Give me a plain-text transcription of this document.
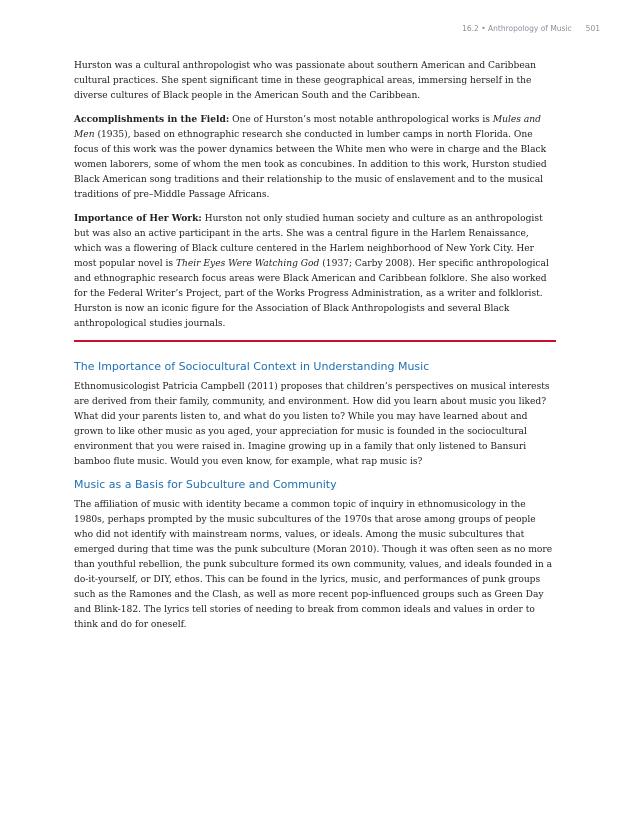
16.2 • Anthropology of Music 501

Hurston was a cultural anthropologist who was passionate about southern American and Caribbean cultural practices. She spent significant time in these geographical areas, immersing herself in the diverse cultures of Black people in the American South and the Caribbean.

Accomplishments in the Field: One of Hurston’s most notable anthropological works is Mules and Men (1935), based on ethnographic research she conducted in lumber camps in north Florida. One focus of this work was the power dynamics between the White men who were in charge and the Black women laborers, some of whom the men took as concubines. In addition to this work, Hurston studied Black American song traditions and their relationship to the music of enslavement and to the musical traditions of pre–Middle Passage Africans.

Importance of Her Work: Hurston not only studied human society and culture as an anthropologist but was also an active participant in the arts. She was a central figure in the Harlem Renaissance, which was a flowering of Black culture centered in the Harlem neighborhood of New York City. Her most popular novel is Their Eyes Were Watching God (1937; Carby 2008). Her specific anthropological and ethnographic research focus areas were Black American and Caribbean folklore. She also worked for the Federal Writer’s Project, part of the Works Progress Administration, as a writer and folklorist. Hurston is now an iconic figure for the Association of Black Anthropologists and several Black anthropological studies journals.

The Importance of Sociocultural Context in Understanding Music

Ethnomusicologist Patricia Campbell (2011) proposes that children’s perspectives on musical interests are derived from their family, community, and environment. How did you learn about music you liked? What did your parents listen to, and what do you listen to? While you may have learned about and grown to like other music as you aged, your appreciation for music is founded in the sociocultural environment that you were raised in. Imagine growing up in a family that only listened to Bansuri bamboo flute music. Would you even know, for example, what rap music is?

Music as a Basis for Subculture and Community

The affiliation of music with identity became a common topic of inquiry in ethnomusicology in the 1980s, perhaps prompted by the music subcultures of the 1970s that arose among groups of people who did not identify with mainstream norms, values, or ideals. Among the music subcultures that emerged during that time was the punk subculture (Moran 2010). Though it was often seen as no more than youthful rebellion, the punk subculture formed its own community, values, and ideals founded in a do-it-yourself, or DIY, ethos. This can be found in the lyrics, music, and performances of punk groups such as the Ramones and the Clash, as well as more recent pop-influenced groups such as Green Day and Blink-182. The lyrics tell stories of needing to break from common ideals and values in order to think and do for oneself.
